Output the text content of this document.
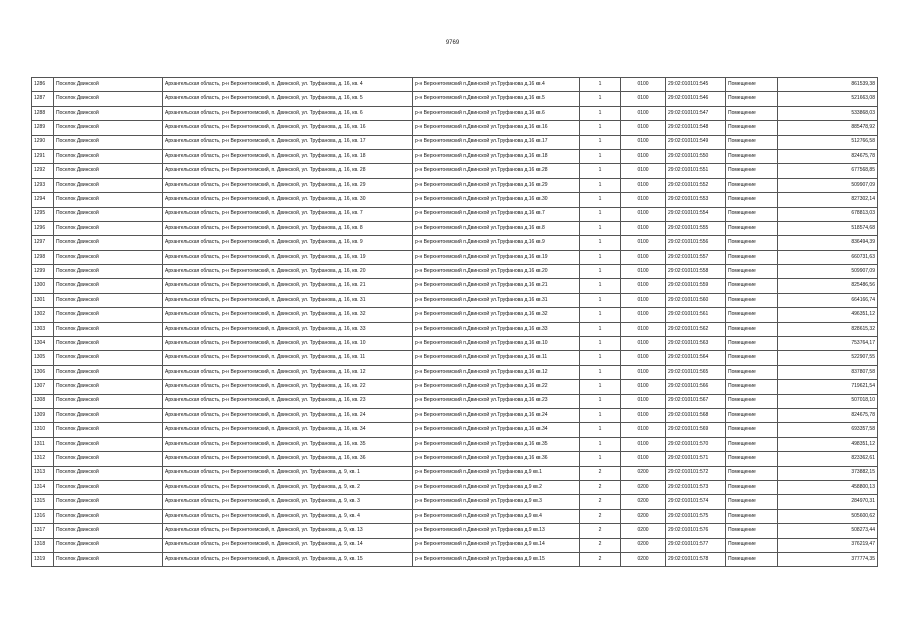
9769
1286	Поселок Двинской	Архангельская область, р-н Верхнетоемский, п. Двинской, ул. Труфанова, д. 16, кв. 4	р-н Верхнетоемский п.Двинской ул.Труфанова д.16 кв.4	1	0100	29:02:010101:545	Помещение	861539,38
1287	Поселок Двинской	Архангельская область, р-н Верхнетоемский, п. Двинской, ул. Труфанова, д. 16, кв. 5	р-н Верхнетоемский п.Двинской ул.Труфанова д.16 кв.5	1	0100	29:02:010101:546	Помещение	521663,08
1288	Поселок Двинской	Архангельская область, р-н Верхнетоемский, п. Двинской, ул. Труфанова, д. 16, кв. 6	р-н Верхнетоемский п.Двинской ул.Труфанова д.16 кв.6	1	0100	29:02:010101:547	Помещение	533868,03
1289	Поселок Двинской	Архангельская область, р-н Верхнетоемский, п. Двинской, ул. Труфанова, д. 16, кв. 16	р-н Верхнетоемский п.Двинской ул.Труфанова д.16 кв.16	1	0100	29:02:010101:548	Помещение	885478,92
1290	Поселок Двинской	Архангельская область, р-н Верхнетоемский, п. Двинской, ул. Труфанова, д. 16, кв. 17	р-н Верхнетоемский п.Двинской ул.Труфанова д.16 кв.17	1	0100	29:02:010101:549	Помещение	512766,58
1291	Поселок Двинской	Архангельская область, р-н Верхнетоемский, п. Двинской, ул. Труфанова, д. 16, кв. 18	р-н Верхнетоемский п.Двинской ул.Труфанова д.16 кв.18	1	0100	29:02:010101:550	Помещение	824675,78
1292	Поселок Двинской	Архангельская область, р-н Верхнетоемский, п. Двинской, ул. Труфанова, д. 16, кв. 28	р-н Верхнетоемский п.Двинской ул.Труфанова д.16 кв.28	1	0100	29:02:010101:551	Помещение	677568,85
1293	Поселок Двинской	Архангельская область, р-н Верхнетоемский, п. Двинской, ул. Труфанова, д. 16, кв. 29	р-н Верхнетоемский п.Двинской ул.Труфанова д.16 кв.29	1	0100	29:02:010101:552	Помещение	509907,09
1294	Поселок Двинской	Архангельская область, р-н Верхнетоемский, п. Двинской, ул. Труфанова, д. 16, кв. 30	р-н Верхнетоемский п.Двинской ул.Труфанова д.16 кв.30	1	0100	29:02:010101:553	Помещение	827302,14
1295	Поселок Двинской	Архангельская область, р-н Верхнетоемский, п. Двинской, ул. Труфанова, д. 16, кв. 7	р-н Верхнетоемский п.Двинской ул.Труфанова д.16 кв.7	1	0100	29:02:010101:554	Помещение	678813,03
1296	Поселок Двинской	Архангельская область, р-н Верхнетоемский, п. Двинской, ул. Труфанова, д. 16, кв. 8	р-н Верхнетоемский п.Двинской ул.Труфанова д.16 кв.8	1	0100	29:02:010101:555	Помещение	518574,68
1297	Поселок Двинской	Архангельская область, р-н Верхнетоемский, п. Двинской, ул. Труфанова, д. 16, кв. 9	р-н Верхнетоемский п.Двинской ул.Труфанова д.16 кв.9	1	0100	29:02:010101:556	Помещение	836494,39
1298	Поселок Двинской	Архангельская область, р-н Верхнетоемский, п. Двинской, ул. Труфанова, д. 16, кв. 19	р-н Верхнетоемский п.Двинской ул.Труфанова д.16 кв.19	1	0100	29:02:010101:557	Помещение	660731,63
1299	Поселок Двинской	Архангельская область, р-н Верхнетоемский, п. Двинской, ул. Труфанова, д. 16, кв. 20	р-н Верхнетоемский п.Двинской ул.Труфанова д.16 кв.20	1	0100	29:02:010101:558	Помещение	509907,09
1300	Поселок Двинской	Архангельская область, р-н Верхнетоемский, п. Двинской, ул. Труфанова, д. 16, кв. 21	р-н Верхнетоемский п.Двинской ул.Труфанова д.16 кв.21	1	0100	29:02:010101:559	Помещение	825486,56
1301	Поселок Двинской	Архангельская область, р-н Верхнетоемский, п. Двинской, ул. Труфанова, д. 16, кв. 31	р-н Верхнетоемский п.Двинской ул.Труфанова д.16 кв.31	1	0100	29:02:010101:560	Помещение	664166,74
1302	Поселок Двинской	Архангельская область, р-н Верхнетоемский, п. Двинской, ул. Труфанова, д. 16, кв. 32	р-н Верхнетоемский п.Двинской ул.Труфанова д.16 кв.32	1	0100	29:02:010101:561	Помещение	496351,12
1303	Поселок Двинской	Архангельская область, р-н Верхнетоемский, п. Двинской, ул. Труфанова, д. 16, кв. 33	р-н Верхнетоемский п.Двинской ул.Труфанова д.16 кв.33	1	0100	29:02:010101:562	Помещение	828615,32
1304	Поселок Двинской	Архангельская область, р-н Верхнетоемский, п. Двинской, ул. Труфанова, д. 16, кв. 10	р-н Верхнетоемский п.Двинской ул.Труфанова д.16 кв.10	1	0100	29:02:010101:563	Помещение	753764,17
1305	Поселок Двинской	Архангельская область, р-н Верхнетоемский, п. Двинской, ул. Труфанова, д. 16, кв. 11	р-н Верхнетоемский п.Двинской ул.Труфанова д.16 кв.11	1	0100	29:02:010101:564	Помещение	522907,55
1306	Поселок Двинской	Архангельская область, р-н Верхнетоемский, п. Двинской, ул. Труфанова, д. 16, кв. 12	р-н Верхнетоемский п.Двинской ул.Труфанова д.16 кв.12	1	0100	29:02:010101:565	Помещение	837807,58
1307	Поселок Двинской	Архангельская область, р-н Верхнетоемский, п. Двинской, ул. Труфанова, д. 16, кв. 22	р-н Верхнетоемский п.Двинской ул.Труфанова д.16 кв.22	1	0100	29:02:010101:566	Помещение	719621,54
1308	Поселок Двинской	Архангельская область, р-н Верхнетоемский, п. Двинской, ул. Труфанова, д. 16, кв. 23	р-н Верхнетоемский п.Двинской ул.Труфанова д.16 кв.23	1	0100	29:02:010101:567	Помещение	507018,10
1309	Поселок Двинской	Архангельская область, р-н Верхнетоемский, п. Двинской, ул. Труфанова, д. 16, кв. 24	р-н Верхнетоемский п.Двинской ул.Труфанова д.16 кв.24	1	0100	29:02:010101:568	Помещение	824675,78
1310	Поселок Двинской	Архангельская область, р-н Верхнетоемский, п. Двинской, ул. Труфанова, д. 16, кв. 34	р-н Верхнетоемский п.Двинской ул.Труфанова д.16 кв.34	1	0100	29:02:010101:569	Помещение	693357,58
1311	Поселок Двинской	Архангельская область, р-н Верхнетоемский, п. Двинской, ул. Труфанова, д. 16, кв. 35	р-н Верхнетоемский п.Двинской ул.Труфанова д.16 кв.35	1	0100	29:02:010101:570	Помещение	498351,12
1312	Поселок Двинской	Архангельская область, р-н Верхнетоемский, п. Двинской, ул. Труфанова, д. 16, кв. 36	р-н Верхнетоемский п.Двинской ул.Труфанова д.16 кв.36	1	0100	29:02:010101:571	Помещение	823362,61
1313	Поселок Двинской	Архангельская область, р-н Верхнетоемский, п. Двинской, ул. Труфанова, д. 9, кв. 1	р-н Верхнетоемский п.Двинской ул.Труфанова д.9 кв.1	2	0200	29:02:010101:572	Помещение	373882,15
1314	Поселок Двинской	Архангельская область, р-н Верхнетоемский, п. Двинской, ул. Труфанова, д. 9, кв. 2	р-н Верхнетоемский п.Двинской ул.Труфанова д.9 кв.2	2	0200	29:02:010101:573	Помещение	458800,13
1315	Поселок Двинской	Архангельская область, р-н Верхнетоемский, п. Двинской, ул. Труфанова, д. 9, кв. 3	р-н Верхнетоемский п.Двинской ул.Труфанова д.9 кв.3	2	0200	29:02:010101:574	Помещение	284970,31
1316	Поселок Двинской	Архангельская область, р-н Верхнетоемский, п. Двинской, ул. Труфанова, д. 9, кв. 4	р-н Верхнетоемский п.Двинской ул.Труфанова д.9 кв.4	2	0200	29:02:010101:575	Помещение	505600,62
1317	Поселок Двинской	Архангельская область, р-н Верхнетоемский, п. Двинской, ул. Труфанова, д. 9, кв. 13	р-н Верхнетоемский п.Двинской ул.Труфанова д.9 кв.13	2	0200	29:02:010101:576	Помещение	508273,44
1318	Поселок Двинской	Архангельская область, р-н Верхнетоемский, п. Двинской, ул. Труфанова, д. 9, кв. 14	р-н Верхнетоемский п.Двинской ул.Труфанова д.9 кв.14	2	0200	29:02:010101:577	Помещение	376219,47
1319	Поселок Двинской	Архангельская область, р-н Верхнетоемский, п. Двинской, ул. Труфанова, д. 9, кв. 15	р-н Верхнетоемский п.Двинской ул.Труфанова д.9 кв.15	2	0200	29:02:010101:578	Помещение	377774,35
